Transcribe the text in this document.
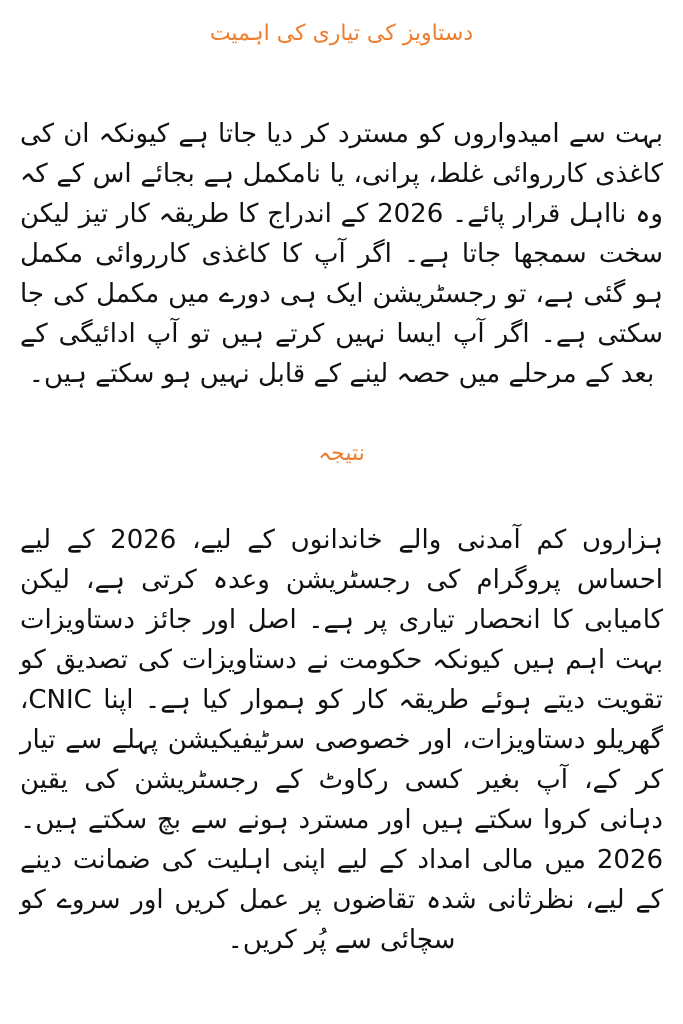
دستاویز کی تیاری کی اہمیت

بہت سے امیدواروں کو مسترد کر دیا جاتا ہے کیونکہ ان کی کاغذی کارروائی غلط، پرانی، یا نامکمل ہے بجائے اس کے کہ وہ نااہل قرار پائے۔ 2026 کے اندراج کا طریقہ کار تیز لیکن سخت سمجھا جاتا ہے۔ اگر آپ کا کاغذی کارروائی مکمل ہو گئی ہے، تو رجسٹریشن ایک ہی دورے میں مکمل کی جا سکتی ہے۔ اگر آپ ایسا نہیں کرتے ہیں تو آپ ادائیگی کے بعد کے مرحلے میں حصہ لینے کے قابل نہیں ہو سکتے ہیں۔

نتیجہ

ہزاروں کم آمدنی والے خاندانوں کے لیے، 2026 کے لیے احساس پروگرام کی رجسٹریشن وعدہ کرتی ہے، لیکن کامیابی کا انحصار تیاری پر ہے۔ اصل اور جائز دستاویزات بہت اہم ہیں کیونکہ حکومت نے دستاویزات کی تصدیق کو تقویت دیتے ہوئے طریقہ کار کو ہموار کیا ہے۔ اپنا CNIC، گھریلو دستاویزات، اور خصوصی سرٹیفیکیشن پہلے سے تیار کر کے، آپ بغیر کسی رکاوٹ کے رجسٹریشن کی یقین دہانی کروا سکتے ہیں اور مسترد ہونے سے بچ سکتے ہیں۔ 2026 میں مالی امداد کے لیے اپنی اہلیت کی ضمانت دینے کے لیے، نظرثانی شدہ تقاضوں پر عمل کریں اور سروے کو سچائی سے پُر کریں۔
